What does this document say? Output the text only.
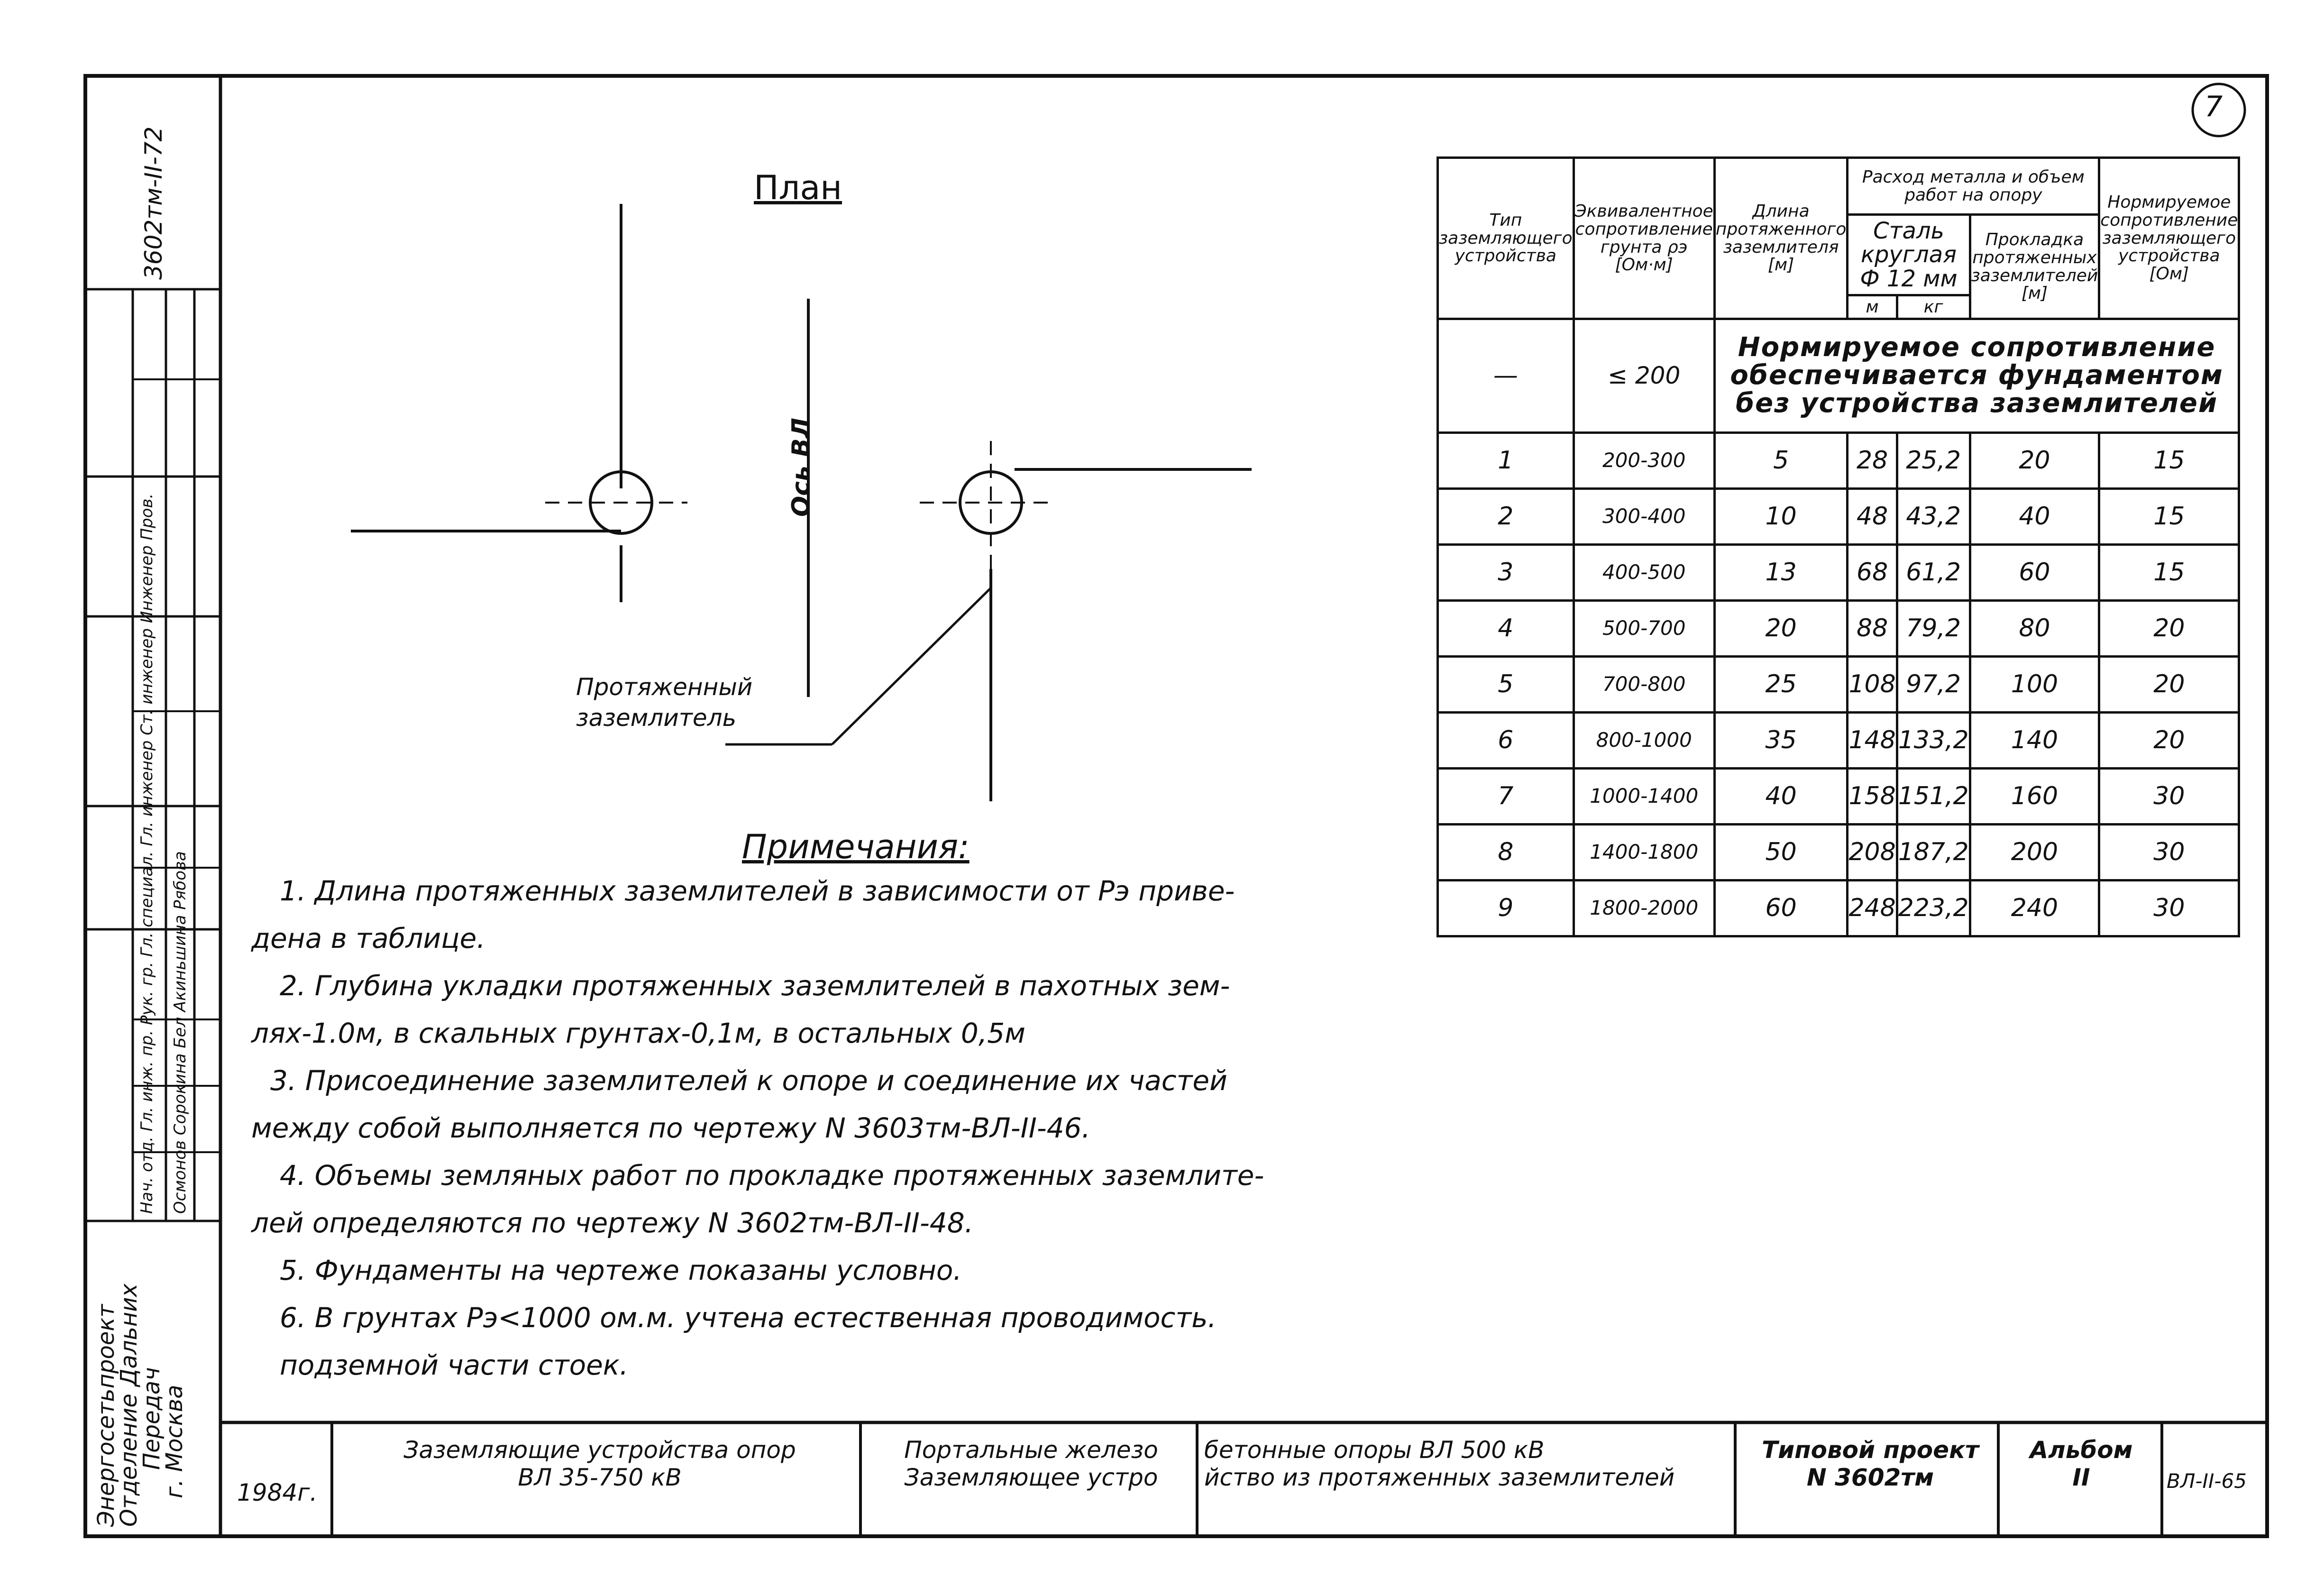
7
План
Ось ВЛ
Протяженный
заземлитель
Тип заземляющего устройства	Эквивалентное сопротивление грунта ρэ [Ом·м]	Длина протяженного заземлителя [м]	Расход металла и объем работ на опору			Нормируемое сопротивление заземляющего устройства [Ом]
			Сталь круглая Ф 12 мм		Прокладка протяженных заземлителей [м]	
			м	кг		
—	≤ 200	Нормируемое сопротивление обеспечивается фундаментом без устройства заземлителей				
1	200-300	5	28	25,2	20	15
2	300-400	10	48	43,2	40	15
3	400-500	13	68	61,2	60	15
4	500-700	20	88	79,2	80	20
5	700-800	25	108	97,2	100	20
6	800-1000	35	148	133,2	140	20
7	1000-1400	40	158	151,2	160	30
8	1400-1800	50	208	187,2	200	30
9	1800-2000	60	248	223,2	240	30
Примечания:
1. Длина протяженных заземлителей в зависимости от Рэ приве-
дена в таблице.
2. Глубина укладки протяженных заземлителей в пахотных зем-
лях-1.0м, в скальных грунтах-0,1м, в остальных 0,5м
3. Присоединение заземлителей к опоре и соединение их частей
между собой выполняется по чертежу N 3603тм-ВЛ-II-46.
4. Объемы земляных работ по прокладке протяженных заземлите-
лей определяются по чертежу N 3602тм-ВЛ-II-48.
5. Фундаменты на чертеже показаны условно.
6. В грунтах Рэ<1000 ом.м. учтена естественная проводимость.
подземной части стоек.
1984г.
Заземляющие устройства опор
ВЛ 35-750 кВ
Портальные железо
Заземляющее устро
бетонные опоры ВЛ 500 кВ
йство из протяженных заземлителей
Типовой проект
N 3602тм
Альбом
II	ВЛ-II-65
Энергосетьпроект
Отделение Дальних
Передач
г. Москва
3602тм-II-72
Нач. отд. Гл. инж. пр. Рук. гр. Гл. специал. Гл. инженер Ст. инженер Инженер Пров.
Осмонов Сорокина Бел Акиньшина Рябова
